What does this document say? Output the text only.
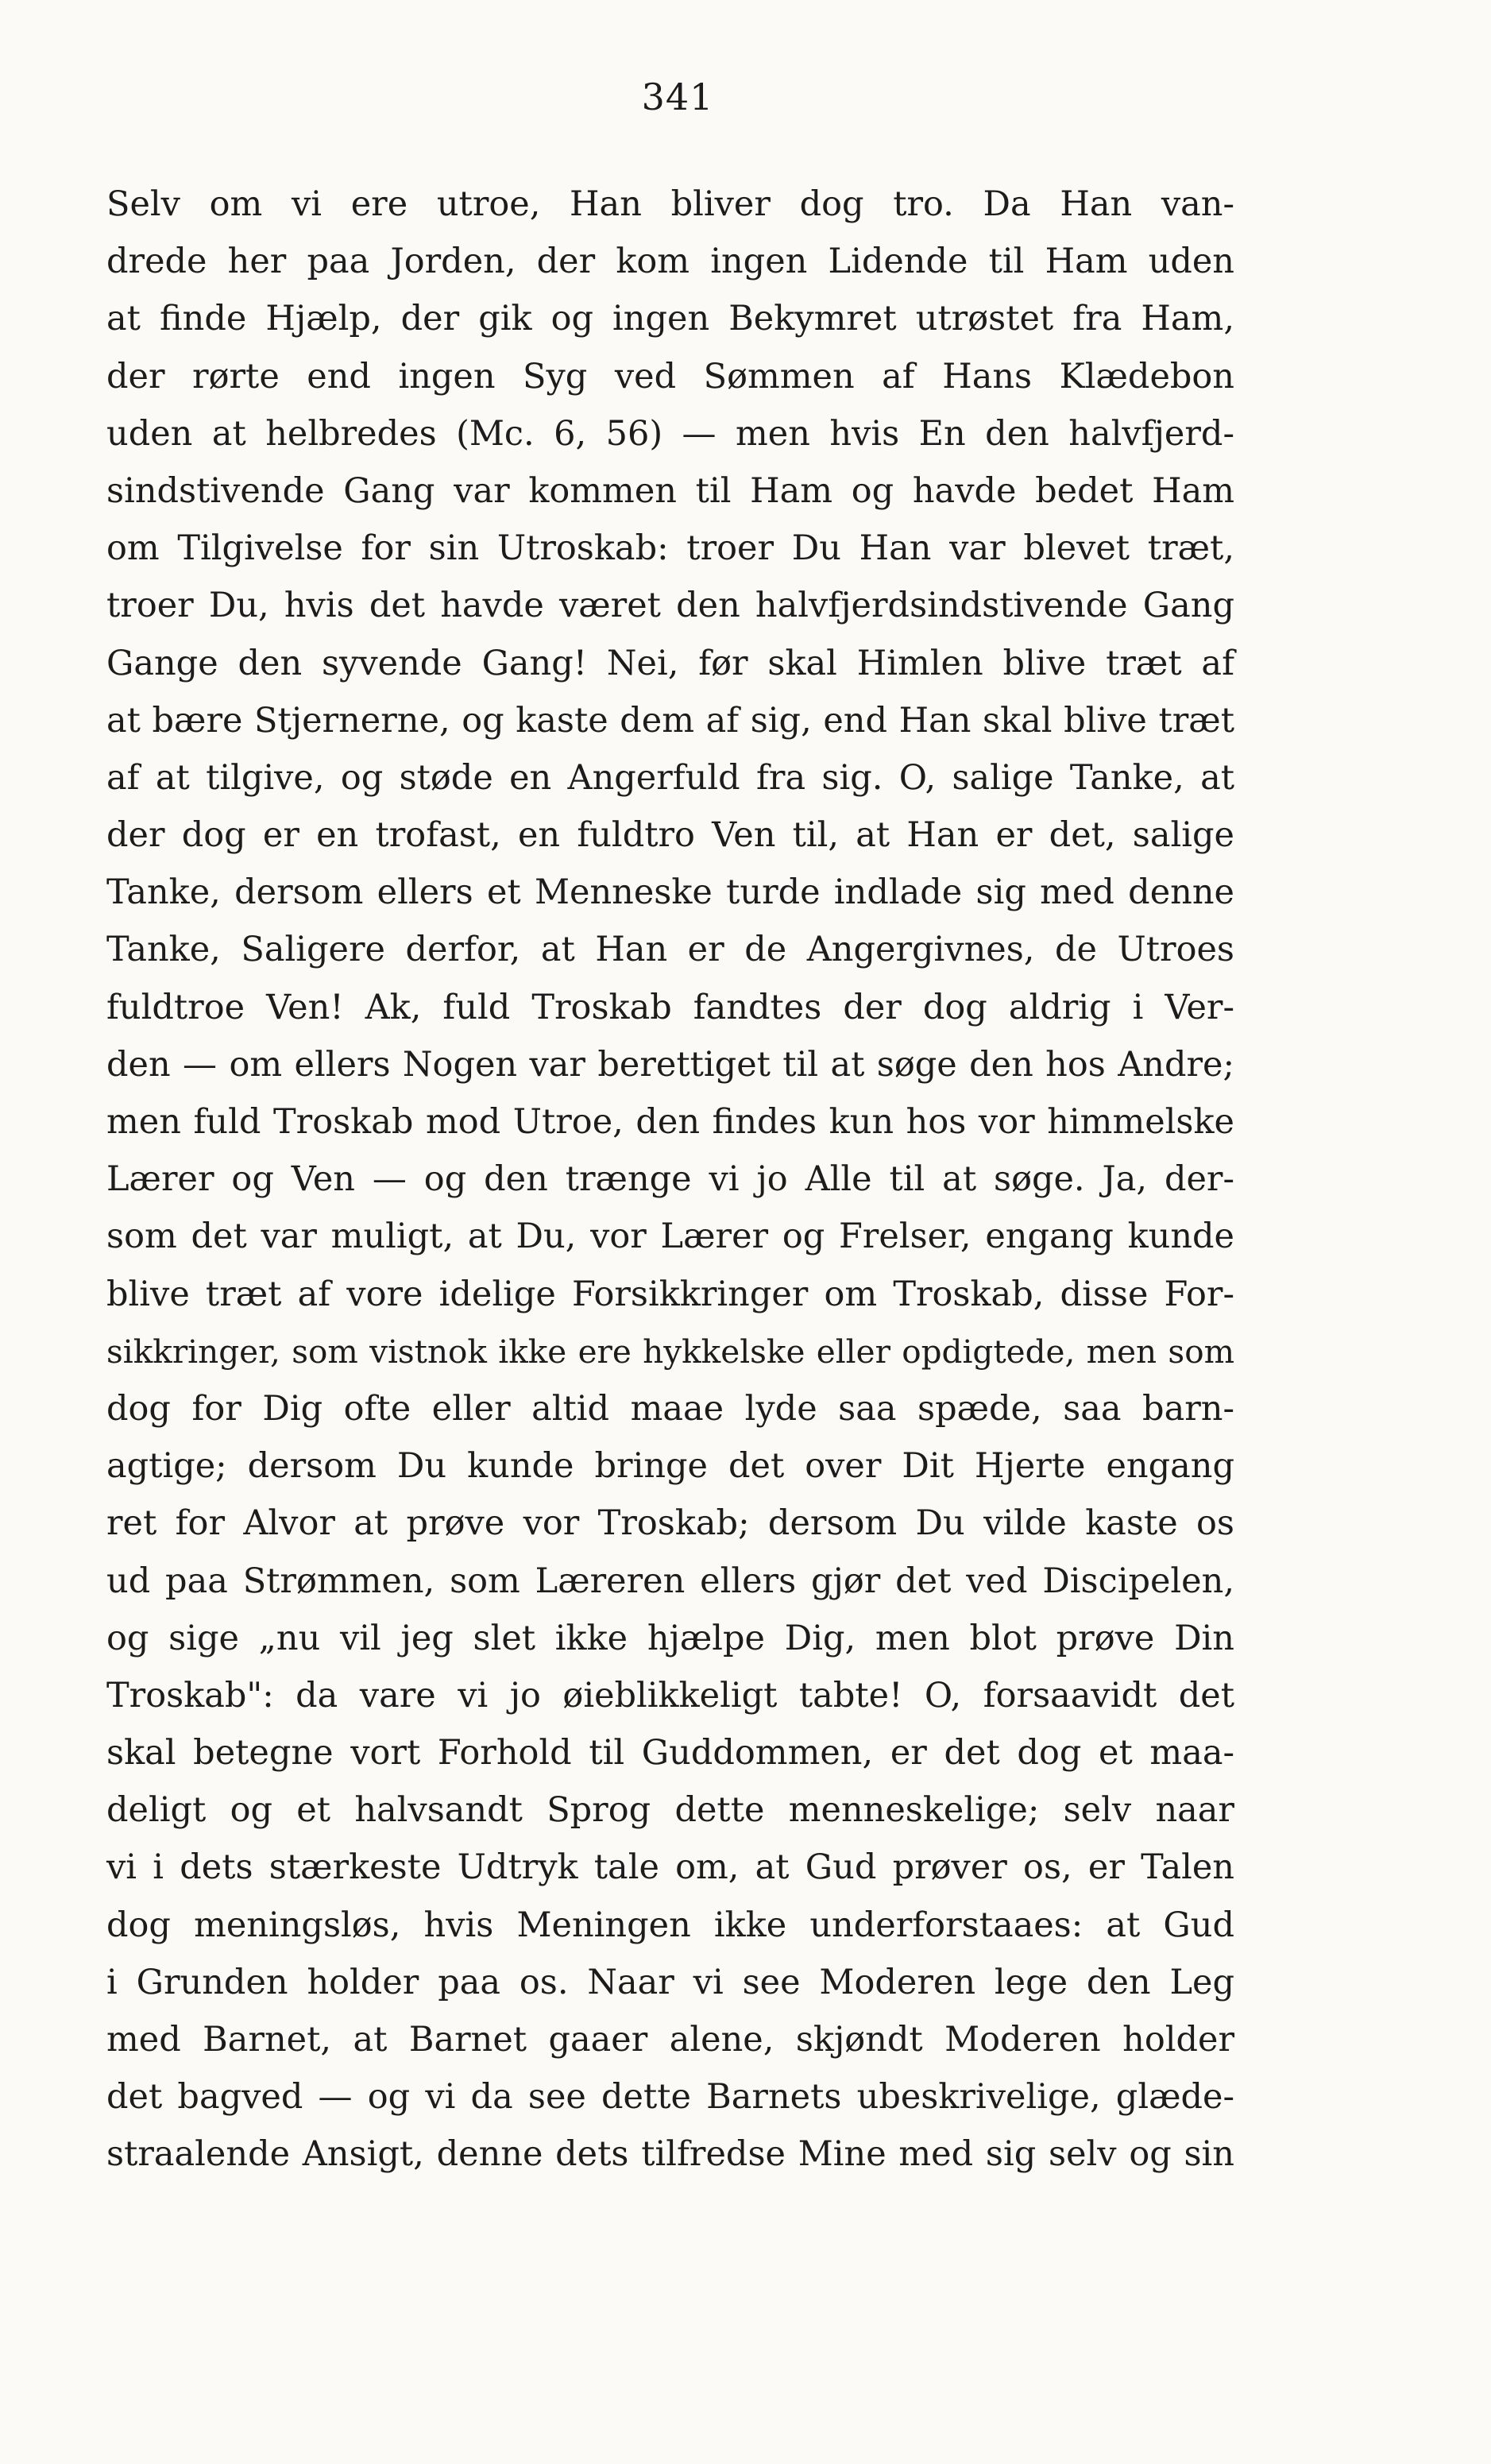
341
Selv om vi ere utroe, Han bliver dog tro. Da Han van-
drede her paa Jorden, der kom ingen Lidende til Ham uden
at finde Hjælp, der gik og ingen Bekymret utrøstet fra Ham,
der rørte end ingen Syg ved Sømmen af Hans Klædebon
uden at helbredes (Mc. 6, 56) — men hvis En den halvfjerd-
sindstivende Gang var kommen til Ham og havde bedet Ham
om Tilgivelse for sin Utroskab: troer Du Han var blevet træt,
troer Du, hvis det havde været den halvfjerdsindstivende Gang
Gange den syvende Gang! Nei, før skal Himlen blive træt af
at bære Stjernerne, og kaste dem af sig, end Han skal blive træt
af at tilgive, og støde en Angerfuld fra sig. O, salige Tanke, at
der dog er en trofast, en fuldtro Ven til, at Han er det, salige
Tanke, dersom ellers et Menneske turde indlade sig med denne
Tanke, Saligere derfor, at Han er de Angergivnes, de Utroes
fuldtroe Ven! Ak, fuld Troskab fandtes der dog aldrig i Ver-
den — om ellers Nogen var berettiget til at søge den hos Andre;
men fuld Troskab mod Utroe, den findes kun hos vor himmelske
Lærer og Ven — og den trænge vi jo Alle til at søge. Ja, der-
som det var muligt, at Du, vor Lærer og Frelser, engang kunde
blive træt af vore idelige Forsikkringer om Troskab, disse For-
sikkringer, som vistnok ikke ere hykkelske eller opdigtede, men som
dog for Dig ofte eller altid maae lyde saa spæde, saa barn-
agtige; dersom Du kunde bringe det over Dit Hjerte engang
ret for Alvor at prøve vor Troskab; dersom Du vilde kaste os
ud paa Strømmen, som Læreren ellers gjør det ved Discipelen,
og sige „nu vil jeg slet ikke hjælpe Dig, men blot prøve Din
Troskab": da vare vi jo øieblikkeligt tabte! O, forsaavidt det
skal betegne vort Forhold til Guddommen, er det dog et maa-
deligt og et halvsandt Sprog dette menneskelige; selv naar
vi i dets stærkeste Udtryk tale om, at Gud prøver os, er Talen
dog meningsløs, hvis Meningen ikke underforstaaes: at Gud
i Grunden holder paa os. Naar vi see Moderen lege den Leg
med Barnet, at Barnet gaaer alene, skjøndt Moderen holder
det bagved — og vi da see dette Barnets ubeskrivelige, glæde-
straalende Ansigt, denne dets tilfredse Mine med sig selv og sin
